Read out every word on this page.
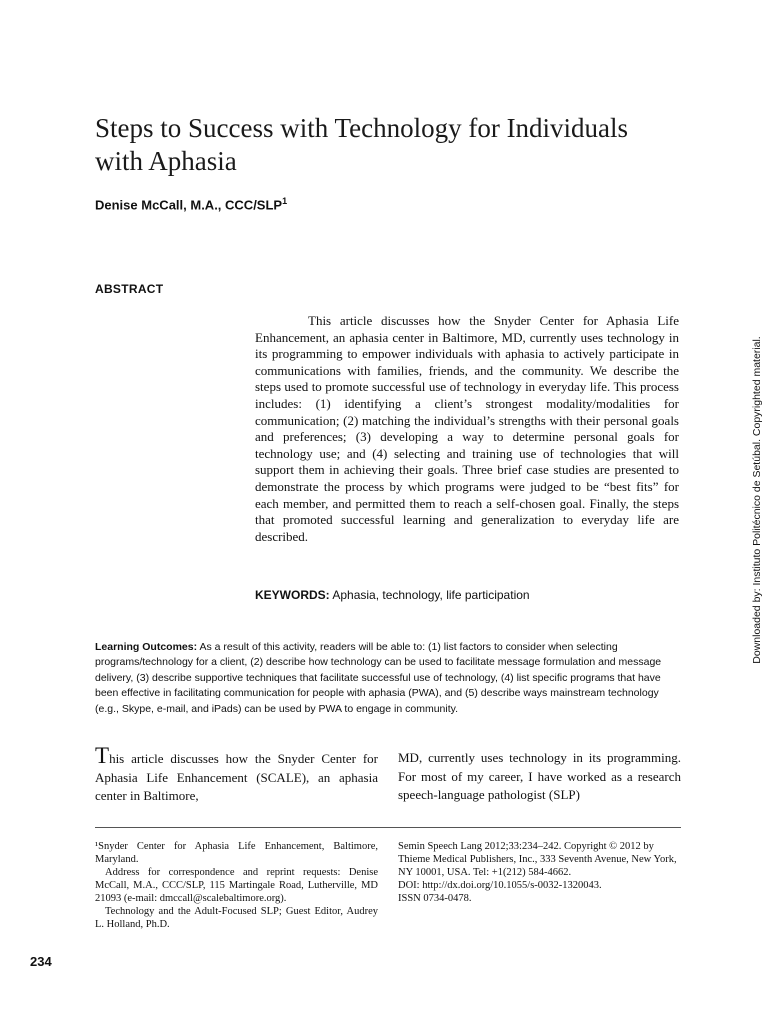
Steps to Success with Technology for Individuals with Aphasia
Denise McCall, M.A., CCC/SLP$^1$
ABSTRACT
This article discusses how the Snyder Center for Aphasia Life Enhancement, an aphasia center in Baltimore, MD, currently uses technology in its programming to empower individuals with aphasia to actively participate in communications with families, friends, and the community. We describe the steps used to promote successful use of technology in everyday life. This process includes: (1) identifying a client’s strongest modality/modalities for communication; (2) matching the individual’s strengths with their personal goals and preferences; (3) developing a way to determine personal goals for technology use; and (4) selecting and training use of technologies that will support them in achieving their goals. Three brief case studies are presented to demonstrate the process by which programs were judged to be “best fits” for each member, and permitted them to reach a self-chosen goal. Finally, the steps that promoted successful learning and generalization to everyday life are described.
KEYWORDS: Aphasia, technology, life participation
Learning Outcomes: As a result of this activity, readers will be able to: (1) list factors to consider when selecting programs/technology for a client, (2) describe how technology can be used to facilitate message formulation and message delivery, (3) describe supportive techniques that facilitate successful use of technology, (4) list specific programs that have been effective in facilitating communication for people with aphasia (PWA), and (5) describe ways mainstream technology (e.g., Skype, e-mail, and iPads) can be used by PWA to engage in community.
This article discusses how the Snyder Center for Aphasia Life Enhancement (SCALE), an aphasia center in Baltimore,
MD, currently uses technology in its programming. For most of my career, I have worked as a research speech-language pathologist (SLP)

¹Snyder Center for Aphasia Life Enhancement, Baltimore, Maryland.

Address for correspondence and reprint requests: Denise McCall, M.A., CCC/SLP, 115 Martingale Road, Lutherville, MD 21093 (e-mail: dmccall@scalebaltimore.org).

Technology and the Adult-Focused SLP; Guest Editor, Audrey L. Holland, Ph.D.

Semin Speech Lang 2012;33:234–242. Copyright © 2012 by Thieme Medical Publishers, Inc., 333 Seventh Avenue, New York, NY 10001, USA. Tel: +1(212) 584-4662.
DOI: http://dx.doi.org/10.1055/s-0032-1320043.
ISSN 0734-0478.
234
Downloaded by: Instituto Politécnico de Setúbal. Copyrighted material.
